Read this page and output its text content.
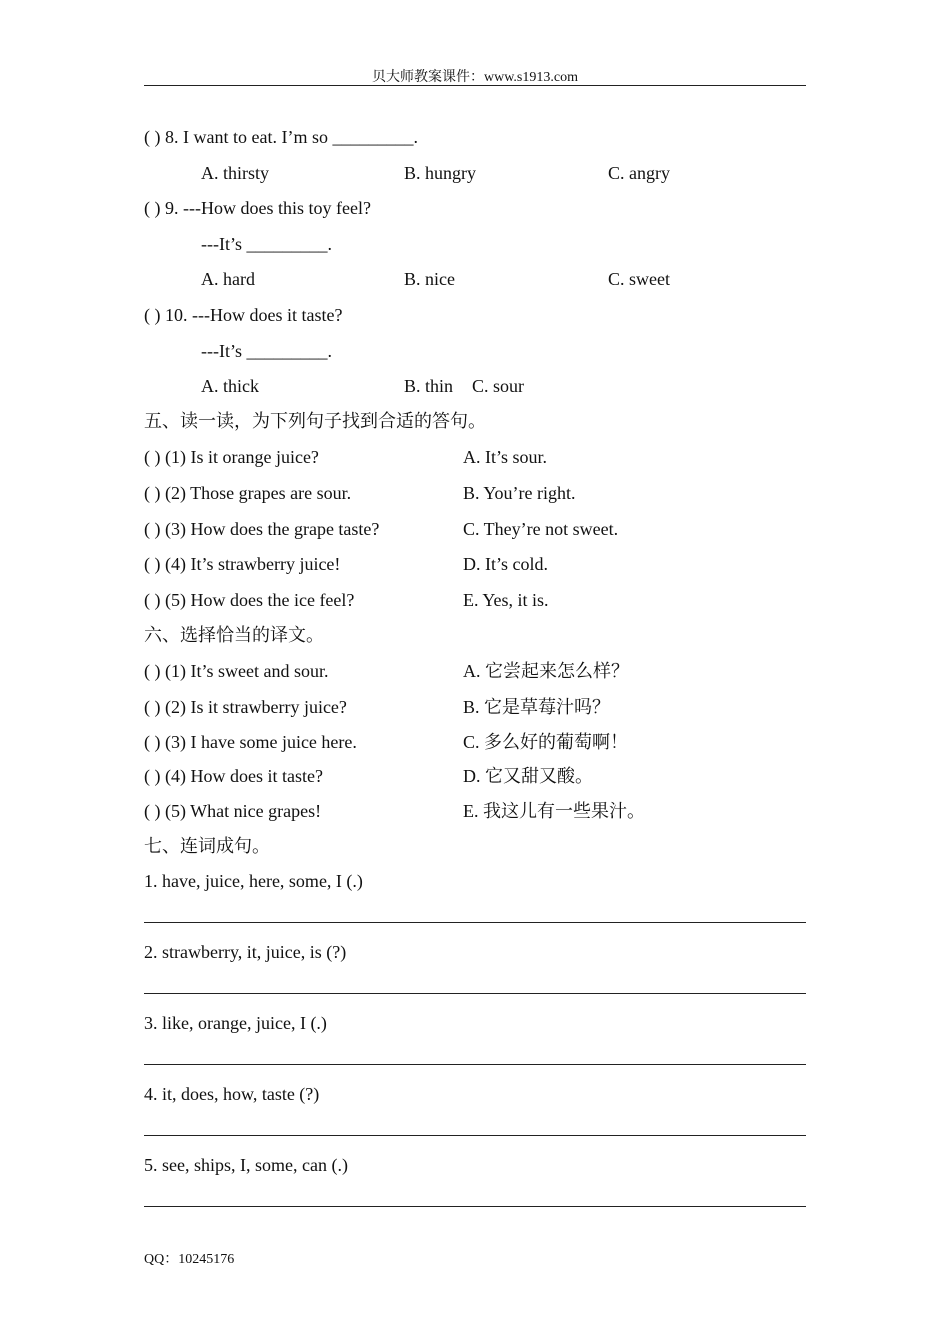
贝大师教案课件：www.s1913.com
( ) 8. I want to eat. I’m so _________.
A. thirsty	B. hungry	C. angry
( ) 9. ---How does this toy feel?
---It’s _________.
A. hard	B. nice	C. sweet
( ) 10. ---How does it taste?
---It’s _________.
A. thick	B. thin C. sour
五、读一读，为下列句子找到合适的答句。
( ) (1) Is it orange juice?	A. It’s sour.
( ) (2) Those grapes are sour.	B. You’re right.
( ) (3) How does the grape taste?	C. They’re not sweet.
( ) (4) It’s strawberry juice!	D. It’s cold.
( ) (5) How does the ice feel?	E. Yes, it is.
六、选择恰当的译文。
( ) (1) It’s sweet and sour.	A. 它尝起来怎么样？
( ) (2) Is it strawberry juice?	B. 它是草莓汁吗？
( ) (3) I have some juice here.	C. 多么好的葡萄啊！
( ) (4) How does it taste?	D. 它又甜又酸。
( ) (5) What nice grapes!	E. 我这儿有一些果汁。
七、连词成句。
1. have, juice, here, some, I (.)
2. strawberry, it, juice, is (?)
3. like, orange, juice, I (.)
4. it, does, how, taste (?)
5. see, ships, I, some, can (.)
QQ：10245176
